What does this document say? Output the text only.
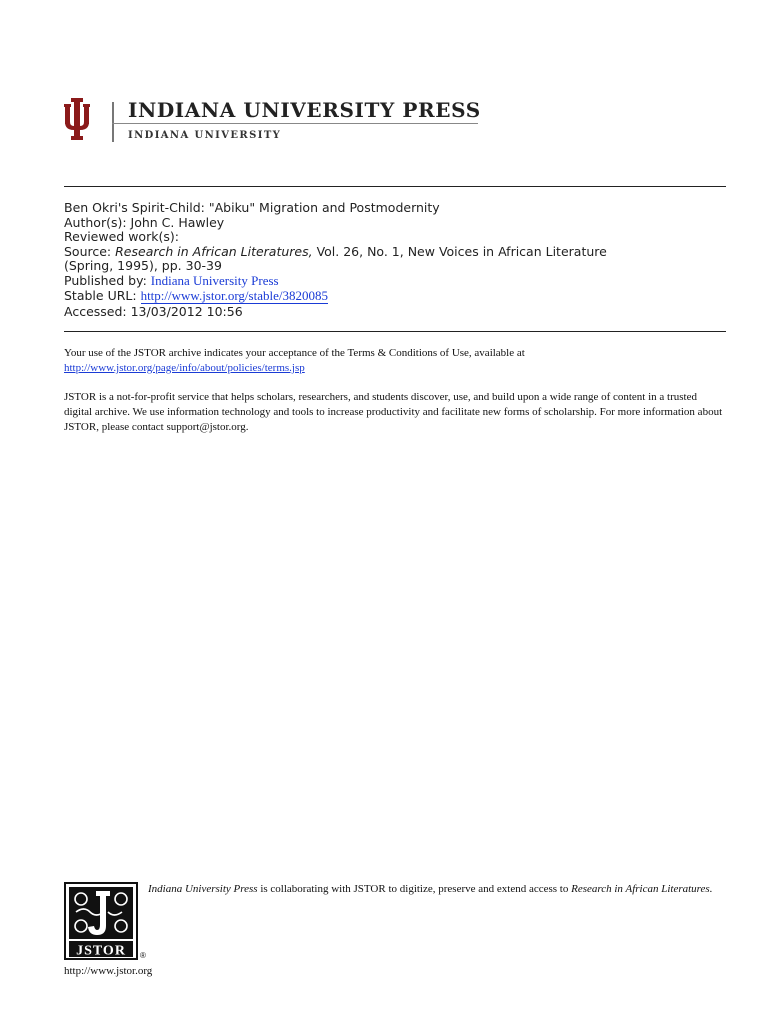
INDIANA UNIVERSITY PRESS
INDIANA UNIVERSITY
Ben Okri's Spirit-Child: "Abiku" Migration and Postmodernity
Author(s): John C. Hawley
Reviewed work(s):
Source: Research in African Literatures, Vol. 26, No. 1, New Voices in African Literature
(Spring, 1995), pp. 30-39
Published by: Indiana University Press
Stable URL: http://www.jstor.org/stable/3820085
Accessed: 13/03/2012 10:56
Your use of the JSTOR archive indicates your acceptance of the Terms & Conditions of Use, available at
http://www.jstor.org/page/info/about/policies/terms.jsp
JSTOR is a not-for-profit service that helps scholars, researchers, and students discover, use, and build upon a wide range of content in a trusted digital archive. We use information technology and tools to increase productivity and facilitate new forms of scholarship. For more information about JSTOR, please contact support@jstor.org.
JSTOR ®
http://www.jstor.org
Indiana University Press is collaborating with JSTOR to digitize, preserve and extend access to Research in African Literatures.
